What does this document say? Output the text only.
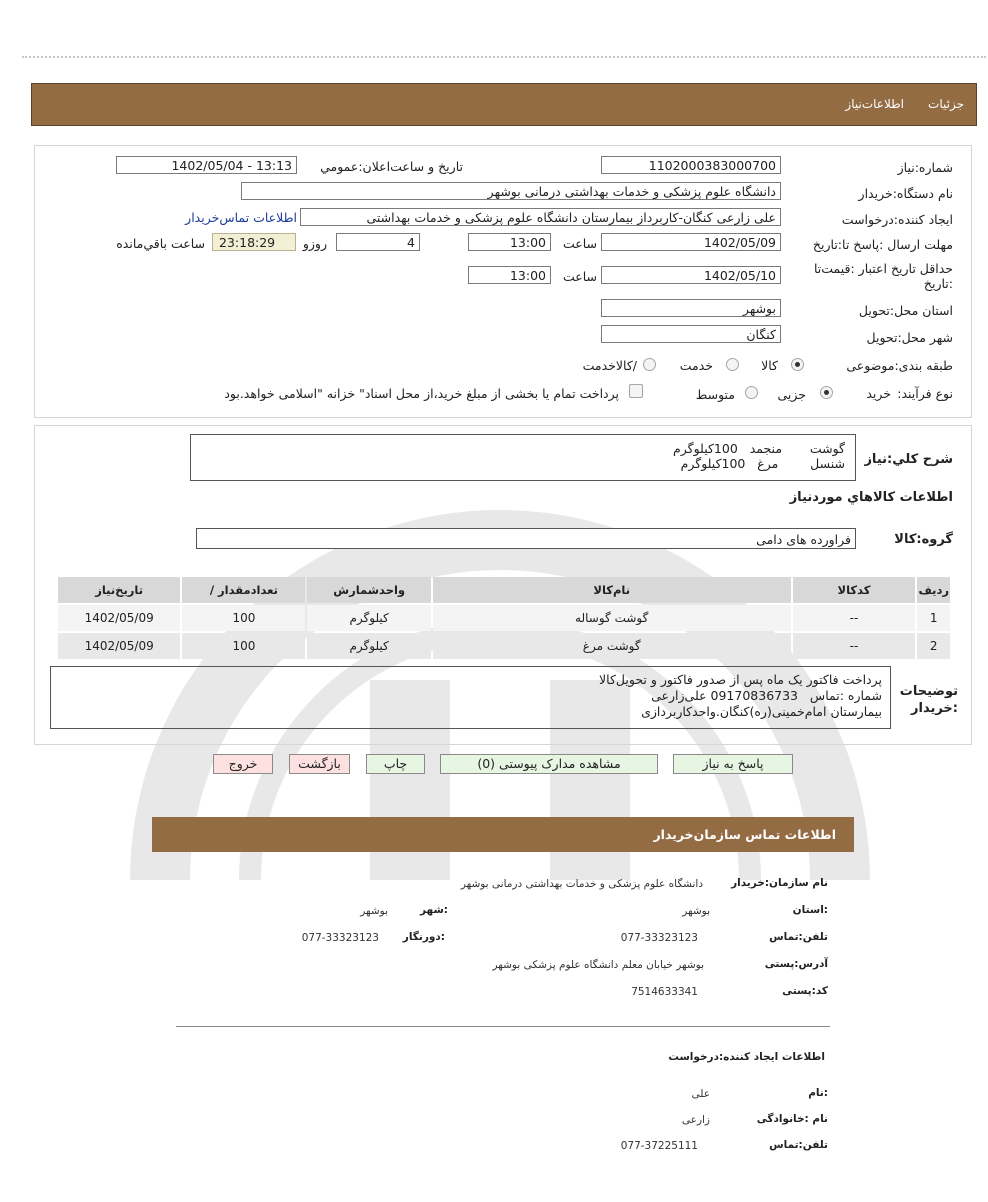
جزئیات
اطلاعات‌نیاز
شماره:نیاز
1102000383000700
تاريخ و ساعت‌اعلان:عمومي
1402/05/04 - 13:13
نام دستگاه:خریدار
دانشگاه علوم پزشکی و خدمات بهداشتی درمانی بوشهر
ایجاد کننده:درخواست
علی زارعی کنگان-کاربرداز بیمارستان دانشگاه علوم پزشکی و خدمات بهداشتی
اطلاعات تماس‌خریدار
مهلت ارسال :پاسخ تا:تاریخ
1402/05/09
ساعت
13:00
4
روزو
23:18:29
ساعت باقي‌مانده
حداقل تاریخ اعتبار :قیمت‌تا :تاریخ
1402/05/10
ساعت
13:00
استان محل:تحویل
بوشهر
شهر محل:تحویل
کنگان
طبقه بندی:موضوعی
کالا
خدمت
/کالاخدمت
نوع فرآیند:
خرید
جزیی
متوسط
پرداخت تمام یا بخشی از مبلغ خرید،از محل اسناد" خزانه "اسلامی خواهد.بود
شرح کلي:نياز
گوشت       منجمد   100کیلوگرم
شنسل        مرغ   100کیلوگرم
اطلاعات کالاهاي مورد‌نياز
گروه:کالا
فراورده های دامی
تاریخ‌نیاز	/ تعداد‌مقدار	واحد‌شمارش	نام‌کالا	کدکالا	ردیف
1402/05/09	100	کیلوگرم	گوشت گوساله	--	1
1402/05/09	100	کیلوگرم	گوشت مرغ	--	2
توضیحات :خریدار
پرداخت فاکتور یک ماه پس از صدور فاکتور و تحویل‌کالا
شماره :تماس   09170836733 علی‌زارعی
بیمارستان امام‌خمینی(ره)کنگان.واحدکاربردازی
پاسخ به نیاز
مشاهده مدارک پیوستی (0)
چاپ
بازگشت
خروج
اطلاعات تماس سازمان‌خریدار
نام سازمان:خریدار
دانشگاه علوم پزشکی و خدمات بهداشتی درمانی بوشهر
:استان
بوشهر
:شهر
بوشهر
تلفن:تماس
077-33323123
:دورنگار
077-33323123
آدرس:پستی
بوشهر خیابان معلم دانشگاه علوم پزشکی بوشهر
کد:پستی
7514633341
اطلاعات ایجاد کننده:درخواست
:نام
علی
نام :خانوادگی
زارعی
تلفن:تماس
077-37225111
